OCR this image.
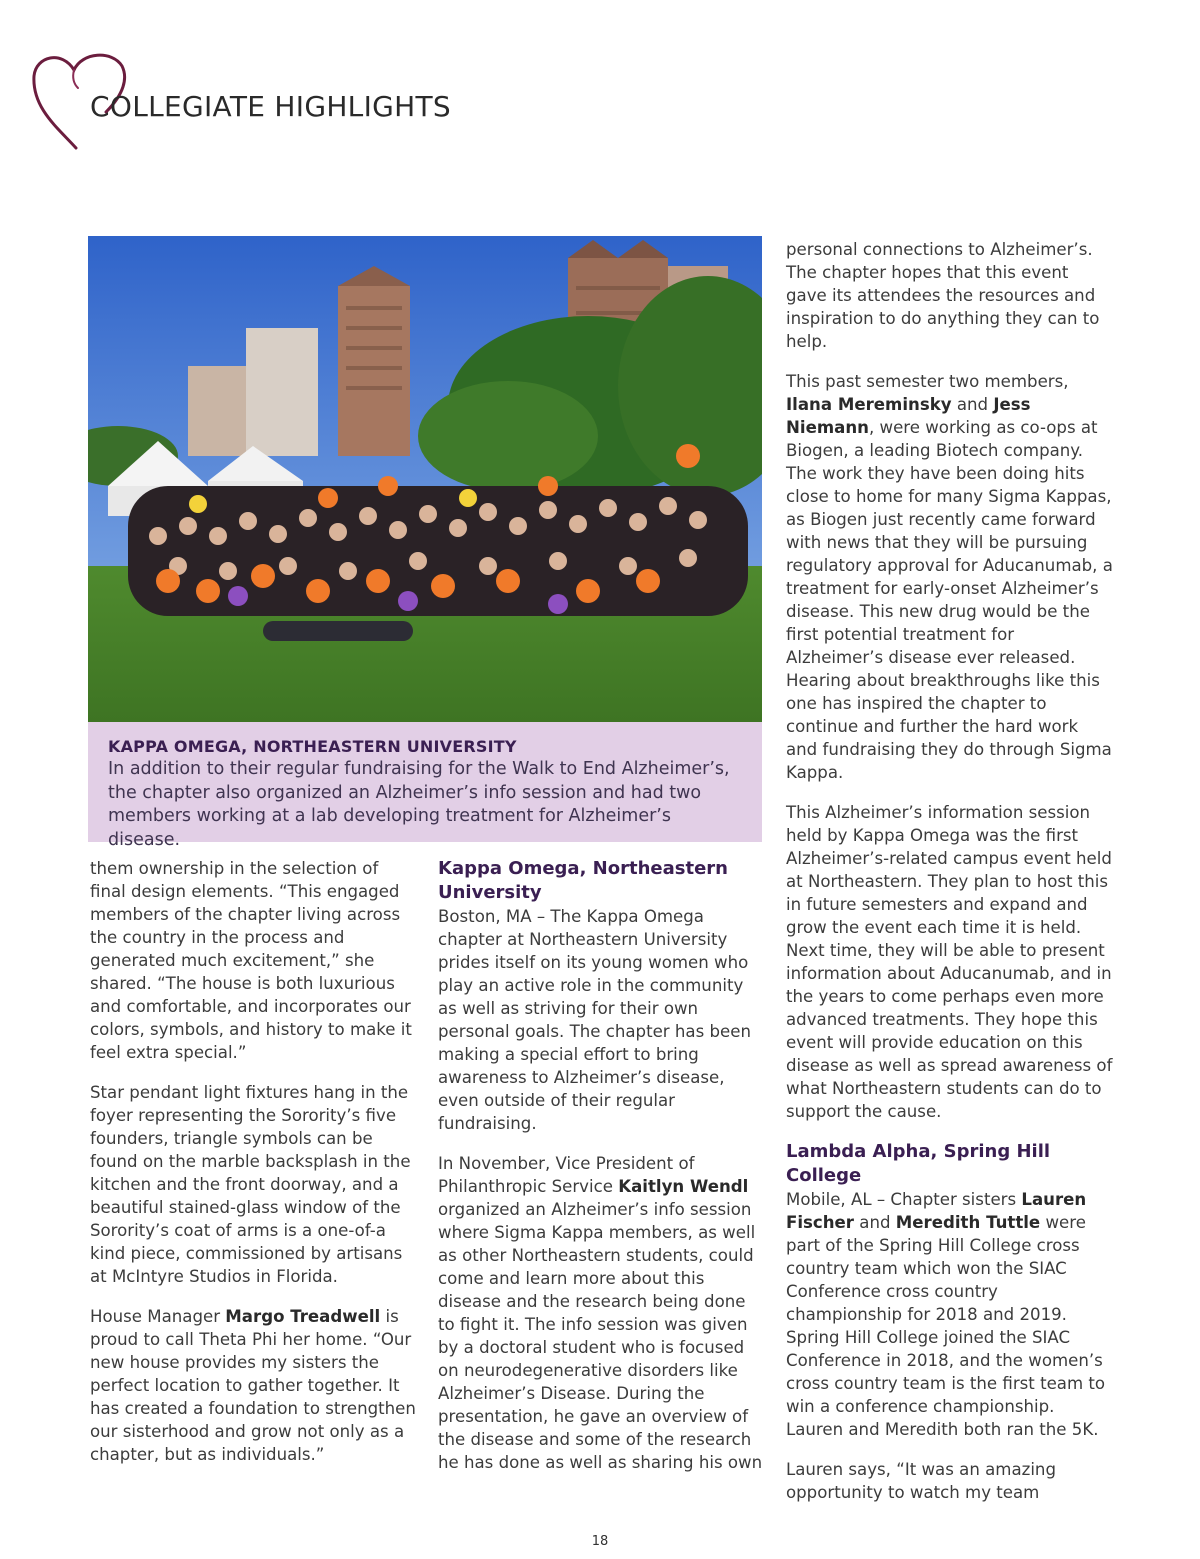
COLLEGIATE HIGHLIGHTS
KAPPA OMEGA, NORTHEASTERN UNIVERSITY
In addition to their regular fundraising for the Walk to End Alzheimer’s, the chapter also organized an Alzheimer’s info session and had two members working at a lab developing treatment for Alzheimer’s disease.

them ownership in the selection of final design elements. “This engaged members of the chapter living across the country in the process and generated much excitement,” she shared. “The house is both luxurious and comfortable, and incorporates our colors, symbols, and history to make it feel extra special.”

Star pendant light fixtures hang in the foyer representing the Sorority’s five founders, triangle symbols can be found on the marble backsplash in the kitchen and the front doorway, and a beautiful stained-glass window of the Sorority’s coat of arms is a one-of-a kind piece, commissioned by artisans at McIntyre Studios in Florida.

House Manager Margo Treadwell is proud to call Theta Phi her home. “Our new house provides my sisters the perfect location to gather together. It has created a foundation to strengthen our sisterhood and grow not only as a chapter, but as individuals.”

Kappa Omega, Northeastern University

Boston, MA – The Kappa Omega chapter at Northeastern University prides itself on its young women who play an active role in the community as well as striving for their own personal goals. The chapter has been making a special effort to bring awareness to Alzheimer’s disease, even outside of their regular fundraising.

In November, Vice President of Philanthropic Service Kaitlyn Wendl organized an Alzheimer’s info session where Sigma Kappa members, as well as other Northeastern students, could come and learn more about this disease and the research being done to fight it. The info session was given by a doctoral student who is focused on neurodegenerative disorders like Alzheimer’s Disease. During the presentation, he gave an overview of the disease and some of the research he has done as well as sharing his own

personal connections to Alzheimer’s. The chapter hopes that this event gave its attendees the resources and inspiration to do anything they can to help.

This past semester two members, Ilana Mereminsky and Jess Niemann, were working as co-ops at Biogen, a leading Biotech company. The work they have been doing hits close to home for many Sigma Kappas, as Biogen just recently came forward with news that they will be pursuing regulatory approval for Aducanumab, a treatment for early-onset Alzheimer’s disease. This new drug would be the first potential treatment for Alzheimer’s disease ever released. Hearing about breakthroughs like this one has inspired the chapter to continue and further the hard work and fundraising they do through Sigma Kappa.

This Alzheimer’s information session held by Kappa Omega was the first Alzheimer’s-related campus event held at Northeastern. They plan to host this in future semesters and expand and grow the event each time it is held. Next time, they will be able to present information about Aducanumab, and in the years to come perhaps even more advanced treatments. They hope this event will provide education on this disease as well as spread awareness of what Northeastern students can do to support the cause.

Lambda Alpha, Spring Hill College

Mobile, AL – Chapter sisters Lauren Fischer and Meredith Tuttle were part of the Spring Hill College cross country team which won the SIAC Conference cross country championship for 2018 and 2019. Spring Hill College joined the SIAC Conference in 2018, and the women’s cross country team is the first team to win a conference championship. Lauren and Meredith both ran the 5K.

Lauren says, “It was an amazing opportunity to watch my team

18
